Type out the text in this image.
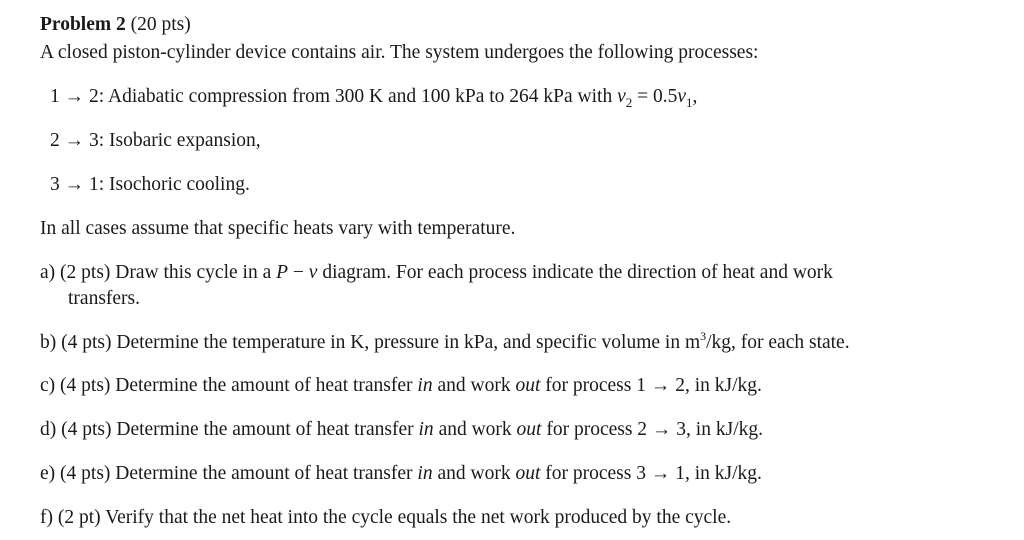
Problem 2 (20 pts)
A closed piston-cylinder device contains air. The system undergoes the following processes:
1 → 2: Adiabatic compression from 300 K and 100 kPa to 264 kPa with $\nu_2 = 0.5\nu_1$,
2 → 3: Isobaric expansion,
3 → 1: Isochoric cooling.
In all cases assume that specific heats vary with temperature.
a) (2 pts) Draw this cycle in a P − ν diagram. For each process indicate the direction of heat and work
transfers.
b) (4 pts) Determine the temperature in K, pressure in kPa, and specific volume in $m^3/kg$, for each state.
c) (4 pts) Determine the amount of heat transfer in and work out for process 1 → 2, in kJ/kg.
d) (4 pts) Determine the amount of heat transfer in and work out for process 2 → 3, in kJ/kg.
e) (4 pts) Determine the amount of heat transfer in and work out for process 3 → 1, in kJ/kg.
f) (2 pt) Verify that the net heat into the cycle equals the net work produced by the cycle.
